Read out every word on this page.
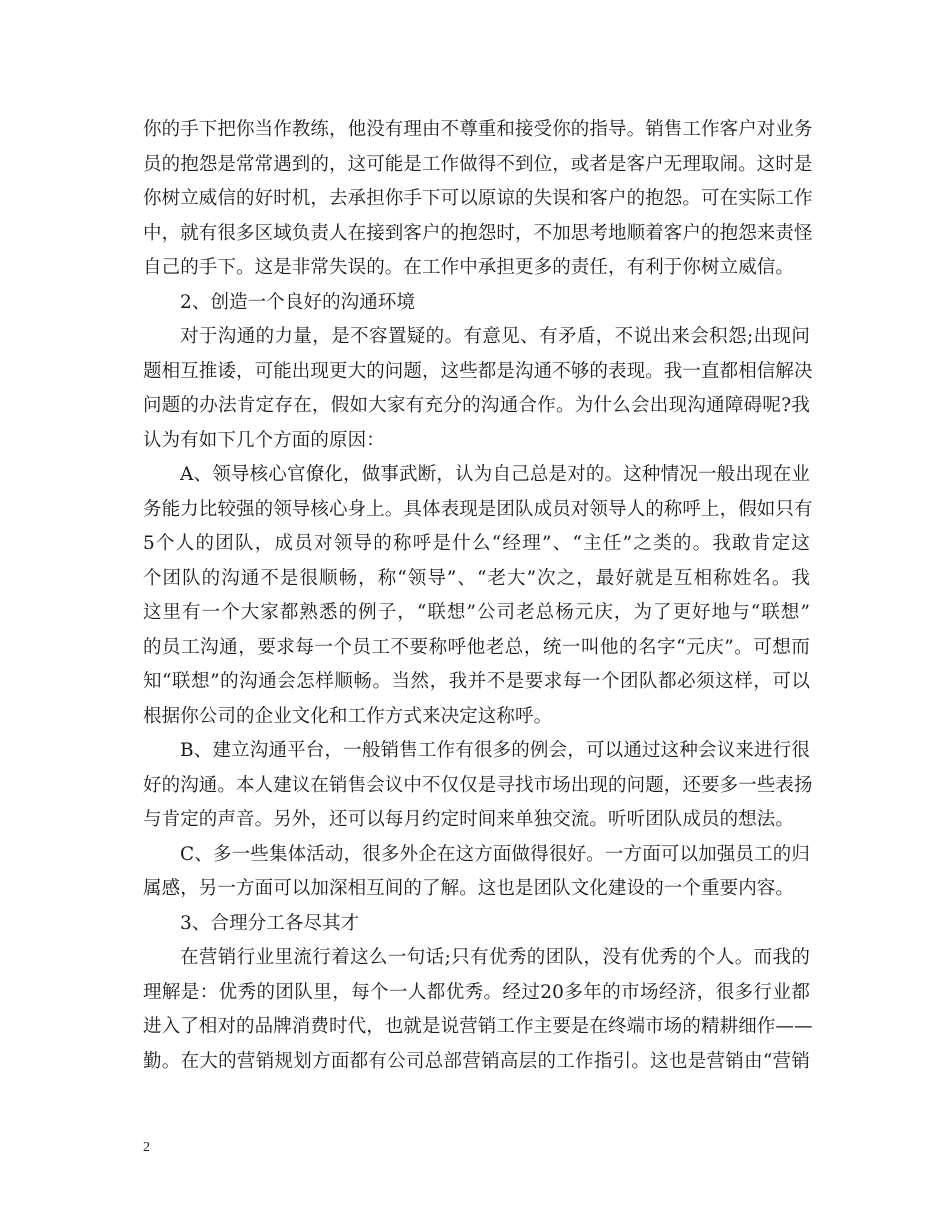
你的手下把你当作教练，他没有理由不尊重和接受你的指导。销售工作客户对业务
员的抱怨是常常遇到的，这可能是工作做得不到位，或者是客户无理取闹。这时是
你树立威信的好时机，去承担你手下可以原谅的失误和客户的抱怨。可在实际工作
中，就有很多区域负责人在接到客户的抱怨时，不加思考地顺着客户的抱怨来责怪
自己的手下。这是非常失误的。在工作中承担更多的责任，有利于你树立威信。
2、创造一个良好的沟通环境
对于沟通的力量，是不容置疑的。有意见、有矛盾，不说出来会积怨;出现问
题相互推诿，可能出现更大的问题，这些都是沟通不够的表现。我一直都相信解决
问题的办法肯定存在，假如大家有充分的沟通合作。为什么会出现沟通障碍呢?我
认为有如下几个方面的原因：
A、领导核心官僚化，做事武断，认为自己总是对的。这种情况一般出现在业
务能力比较强的领导核心身上。具体表现是团队成员对领导人的称呼上，假如只有
5个人的团队，成员对领导的称呼是什么“经理”、“主任”之类的。我敢肯定这
个团队的沟通不是很顺畅，称“领导”、“老大”次之，最好就是互相称姓名。我
这里有一个大家都熟悉的例子，“联想”公司老总杨元庆，为了更好地与“联想”
的员工沟通，要求每一个员工不要称呼他老总，统一叫他的名字“元庆”。可想而
知“联想”的沟通会怎样顺畅。当然，我并不是要求每一个团队都必须这样，可以
根据你公司的企业文化和工作方式来决定这称呼。
B、建立沟通平台，一般销售工作有很多的例会，可以通过这种会议来进行很
好的沟通。本人建议在销售会议中不仅仅是寻找市场出现的问题，还要多一些表扬
与肯定的声音。另外，还可以每月约定时间来单独交流。听听团队成员的想法。
C、多一些集体活动，很多外企在这方面做得很好。一方面可以加强员工的归
属感，另一方面可以加深相互间的了解。这也是团队文化建设的一个重要内容。
3、合理分工各尽其才
在营销行业里流行着这么一句话;只有优秀的团队，没有优秀的个人。而我的
理解是：优秀的团队里，每个一人都优秀。经过20多年的市场经济，很多行业都
进入了相对的品牌消费时代，也就是说营销工作主要是在终端市场的精耕细作——
勤。在大的营销规划方面都有公司总部营销高层的工作指引。这也是营销由“营销
2
